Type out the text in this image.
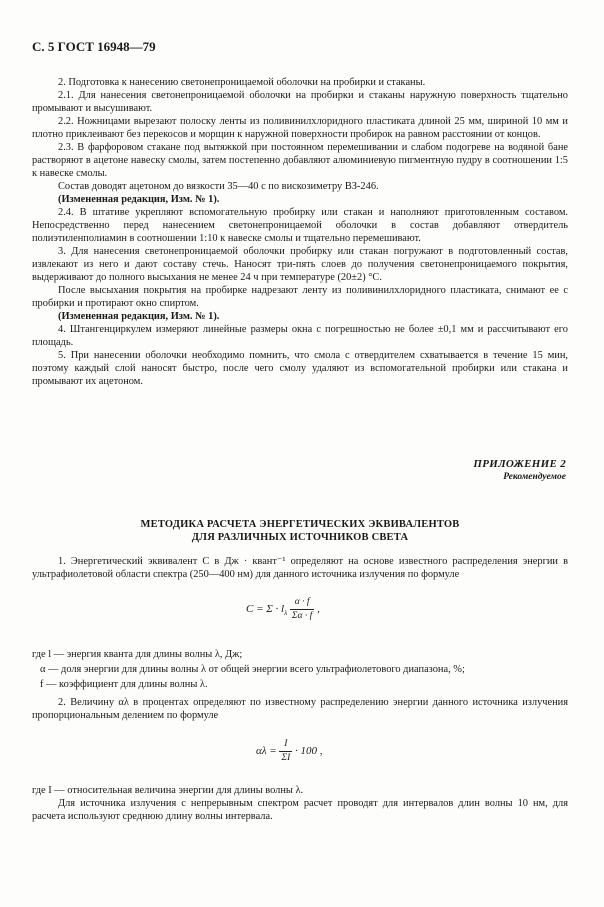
С. 5 ГОСТ 16948—79

2. Подготовка к нанесению светонепроницаемой оболочки на пробирки и стаканы.

2.1. Для нанесения светонепроницаемой оболочки на пробирки и стаканы наружную поверхность тщательно промывают и высушивают.

2.2. Ножницами вырезают полоску ленты из поливинилхлоридного пластиката длиной 25 мм, шириной 10 мм и плотно приклеивают без перекосов и морщин к наружной поверхности пробирок на равном расстоянии от концов.

2.3. В фарфоровом стакане под вытяжкой при постоянном перемешивании и слабом подогреве на водяной бане растворяют в ацетоне навеску смолы, затем постепенно добавляют алюминиевую пигментную пудру в соотношении 1:5 к навеске смолы.

Состав доводят ацетоном до вязкости 35—40 с по вискозиметру ВЗ-246.

(Измененная редакция, Изм. № 1).

2.4. В штативе укрепляют вспомогательную пробирку или стакан и наполняют приготовленным составом. Непосредственно перед нанесением светонепроницаемой оболочки в состав добавляют отвердитель полиэтиленполиамин в соотношении 1:10 к навеске смолы и тщательно перемешивают.

3. Для нанесения светонепроницаемой оболочки пробирку или стакан погружают в подготовленный состав, извлекают из него и дают составу стечь. Наносят три-пять слоев до получения светонепроницаемого покрытия, выдерживают до полного высыхания не менее 24 ч при температуре (20±2) °С.

После высыхания покрытия на пробирке надрезают ленту из поливинилхлоридного пластиката, снимают ее с пробирки и протирают окно спиртом.

(Измененная редакция, Изм. № 1).

4. Штангенциркулем измеряют линейные размеры окна с погрешностью не более ±0,1 мм и рассчитывают его площадь.

5. При нанесении оболочки необходимо помнить, что смола с отвердителем схватывается в течение 15 мин, поэтому каждый слой наносят быстро, после чего смолу удаляют из вспомогательной пробирки или стакана и промывают их ацетоном.

ПРИЛОЖЕНИЕ 2
Рекомендуемое
МЕТОДИКА РАСЧЕТА ЭНЕРГЕТИЧЕСКИХ ЭКВИВАЛЕНТОВ
ДЛЯ РАЗЛИЧНЫХ ИСТОЧНИКОВ СВЕТА

1. Энергетический эквивалент C в Дж · квант⁻¹ определяют на основе известного распределения энергии в ультрафиолетовой области спектра (250—400 нм) для данного источника излучения по формуле

$C = \Sigma \cdot l_\lambda \frac{\alpha \cdot f}{\Sigma\alpha \cdot f}$ ,

где l — энергия кванта для длины волны λ, Дж;

α — доля энергии для длины волны λ от общей энергии всего ультрафиолетового диапазона, %;

f — коэффициент для длины волны λ.

2. Величину αλ в процентах определяют по известному распределению энергии данного источника излучения пропорциональным делением по формуле

$\alpha\lambda = \frac{I}{\Sigma I} \cdot 100$ ,

где I — относительная величина энергии для длины волны λ.

Для источника излучения с непрерывным спектром расчет проводят для интервалов длин волны 10 нм, для расчета используют среднюю длину волны интервала.
